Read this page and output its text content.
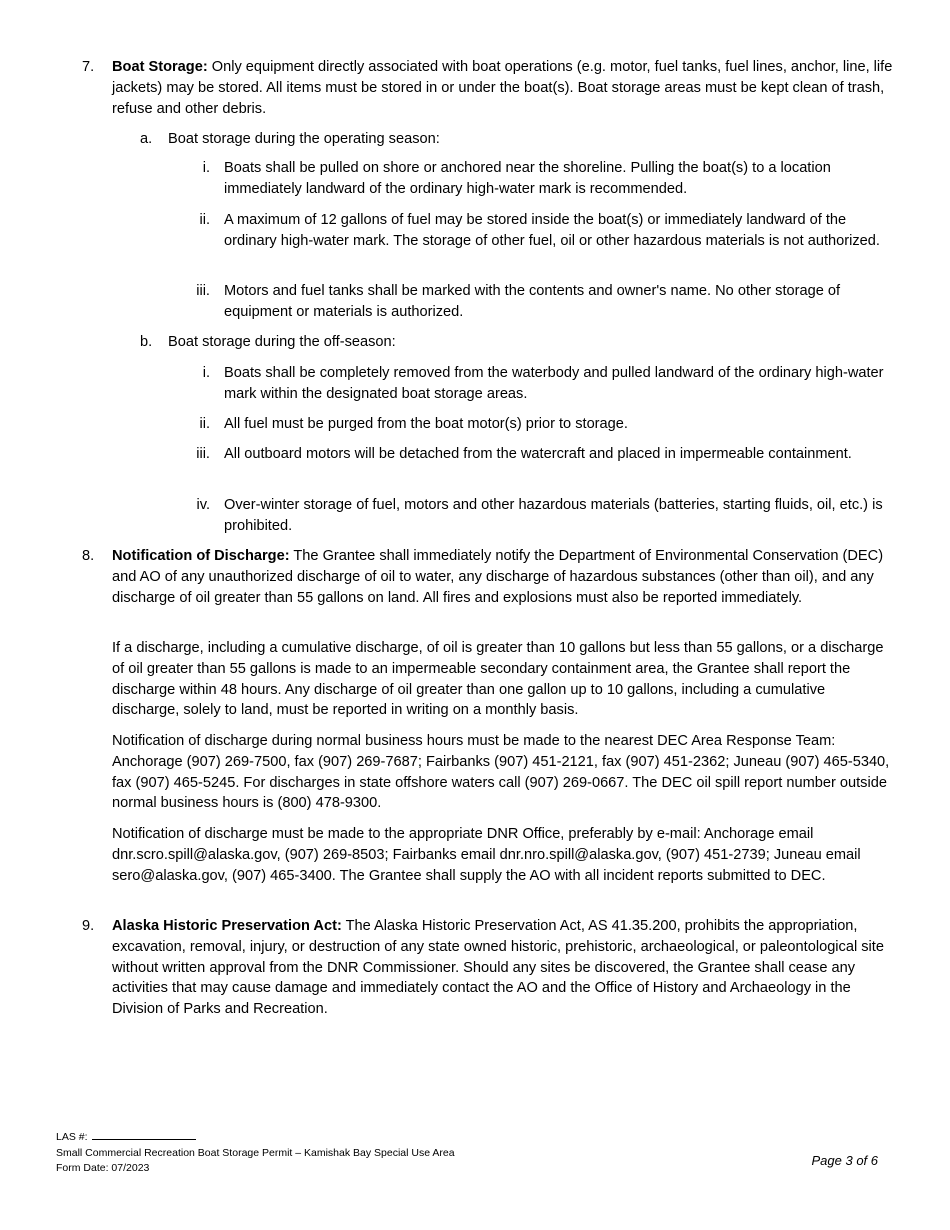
7. Boat Storage: Only equipment directly associated with boat operations (e.g. motor, fuel tanks, fuel lines, anchor, line, life jackets) may be stored. All items must be stored in or under the boat(s). Boat storage areas must be kept clean of trash, refuse and other debris.
a. Boat storage during the operating season:
i. Boats shall be pulled on shore or anchored near the shoreline. Pulling the boat(s) to a location immediately landward of the ordinary high-water mark is recommended.
ii. A maximum of 12 gallons of fuel may be stored inside the boat(s) or immediately landward of the ordinary high-water mark. The storage of other fuel, oil or other hazardous materials is not authorized.
iii. Motors and fuel tanks shall be marked with the contents and owner's name. No other storage of equipment or materials is authorized.
b. Boat storage during the off-season:
i. Boats shall be completely removed from the waterbody and pulled landward of the ordinary high-water mark within the designated boat storage areas.
ii. All fuel must be purged from the boat motor(s) prior to storage.
iii. All outboard motors will be detached from the watercraft and placed in impermeable containment.
iv. Over-winter storage of fuel, motors and other hazardous materials (batteries, starting fluids, oil, etc.) is prohibited.
8. Notification of Discharge: The Grantee shall immediately notify the Department of Environmental Conservation (DEC) and AO of any unauthorized discharge of oil to water, any discharge of hazardous substances (other than oil), and any discharge of oil greater than 55 gallons on land. All fires and explosions must also be reported immediately.
If a discharge, including a cumulative discharge, of oil is greater than 10 gallons but less than 55 gallons, or a discharge of oil greater than 55 gallons is made to an impermeable secondary containment area, the Grantee shall report the discharge within 48 hours. Any discharge of oil greater than one gallon up to 10 gallons, including a cumulative discharge, solely to land, must be reported in writing on a monthly basis.
Notification of discharge during normal business hours must be made to the nearest DEC Area Response Team: Anchorage (907) 269-7500, fax (907) 269-7687; Fairbanks (907) 451-2121, fax (907) 451-2362; Juneau (907) 465-5340, fax (907) 465-5245. For discharges in state offshore waters call (907) 269-0667. The DEC oil spill report number outside normal business hours is (800) 478-9300.
Notification of discharge must be made to the appropriate DNR Office, preferably by e-mail: Anchorage email dnr.scro.spill@alaska.gov, (907) 269-8503; Fairbanks email dnr.nro.spill@alaska.gov, (907) 451-2739; Juneau email sero@alaska.gov, (907) 465-3400. The Grantee shall supply the AO with all incident reports submitted to DEC.
9. Alaska Historic Preservation Act: The Alaska Historic Preservation Act, AS 41.35.200, prohibits the appropriation, excavation, removal, injury, or destruction of any state owned historic, prehistoric, archaeological, or paleontological site without written approval from the DNR Commissioner. Should any sites be discovered, the Grantee shall cease any activities that may cause damage and immediately contact the AO and the Office of History and Archaeology in the Division of Parks and Recreation.
LAS #:
Small Commercial Recreation Boat Storage Permit – Kamishak Bay Special Use Area
Form Date: 07/2023	Page 3 of 6
